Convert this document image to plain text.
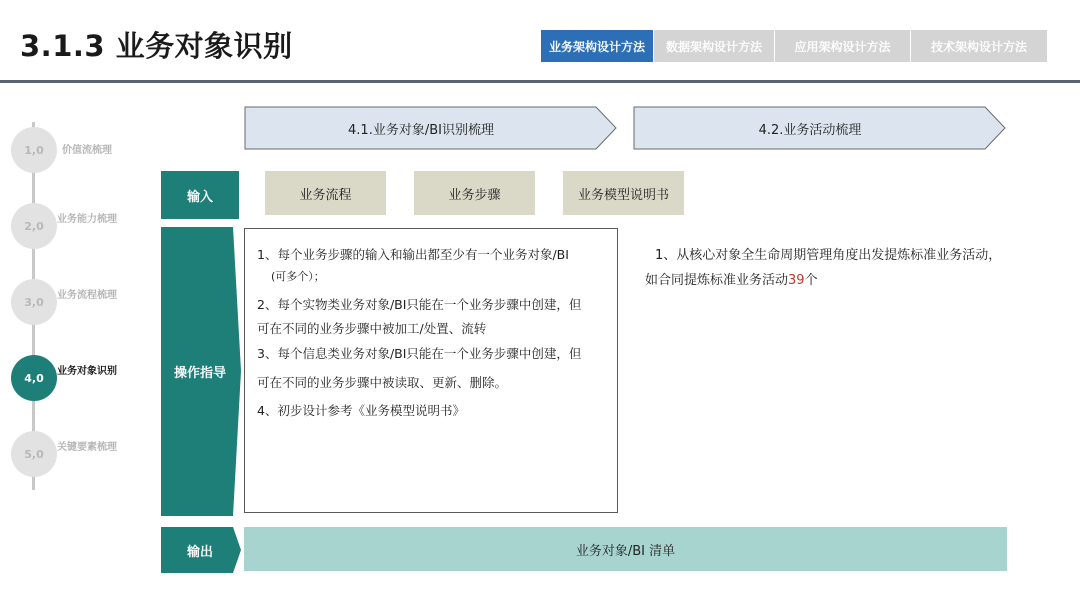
3.1.3 业务对象识别	业务架构设计方法	数据架构设计方法	应用架构设计方法	技术架构设计方法
1,0	价值流梳理
2,0	业务能力梳理
3,0	业务流程梳理
4,0	业务对象识别
5,0	关键要素梳理
4.1.业务对象/BI识别梳理	4.2.业务活动梳理
输入	业务流程	业务步骤	业务模型说明书
操作指导
1、每个业务步骤的输入和输出都至少有一个业务对象/BI
(可多个）；
2、每个实物类业务对象/BI只能在一个业务步骤中创建，但
可在不同的业务步骤中被加工/处置、流转
3、每个信息类业务对象/BI只能在一个业务步骤中创建，但
可在不同的业务步骤中被读取、更新、删除。
4、初步设计参考《业务模型说明书》
1、从核心对象全生命周期管理角度出发提炼标准业务活动，
如合同提炼标准业务活动39个
输出	业务对象/BI 清单
